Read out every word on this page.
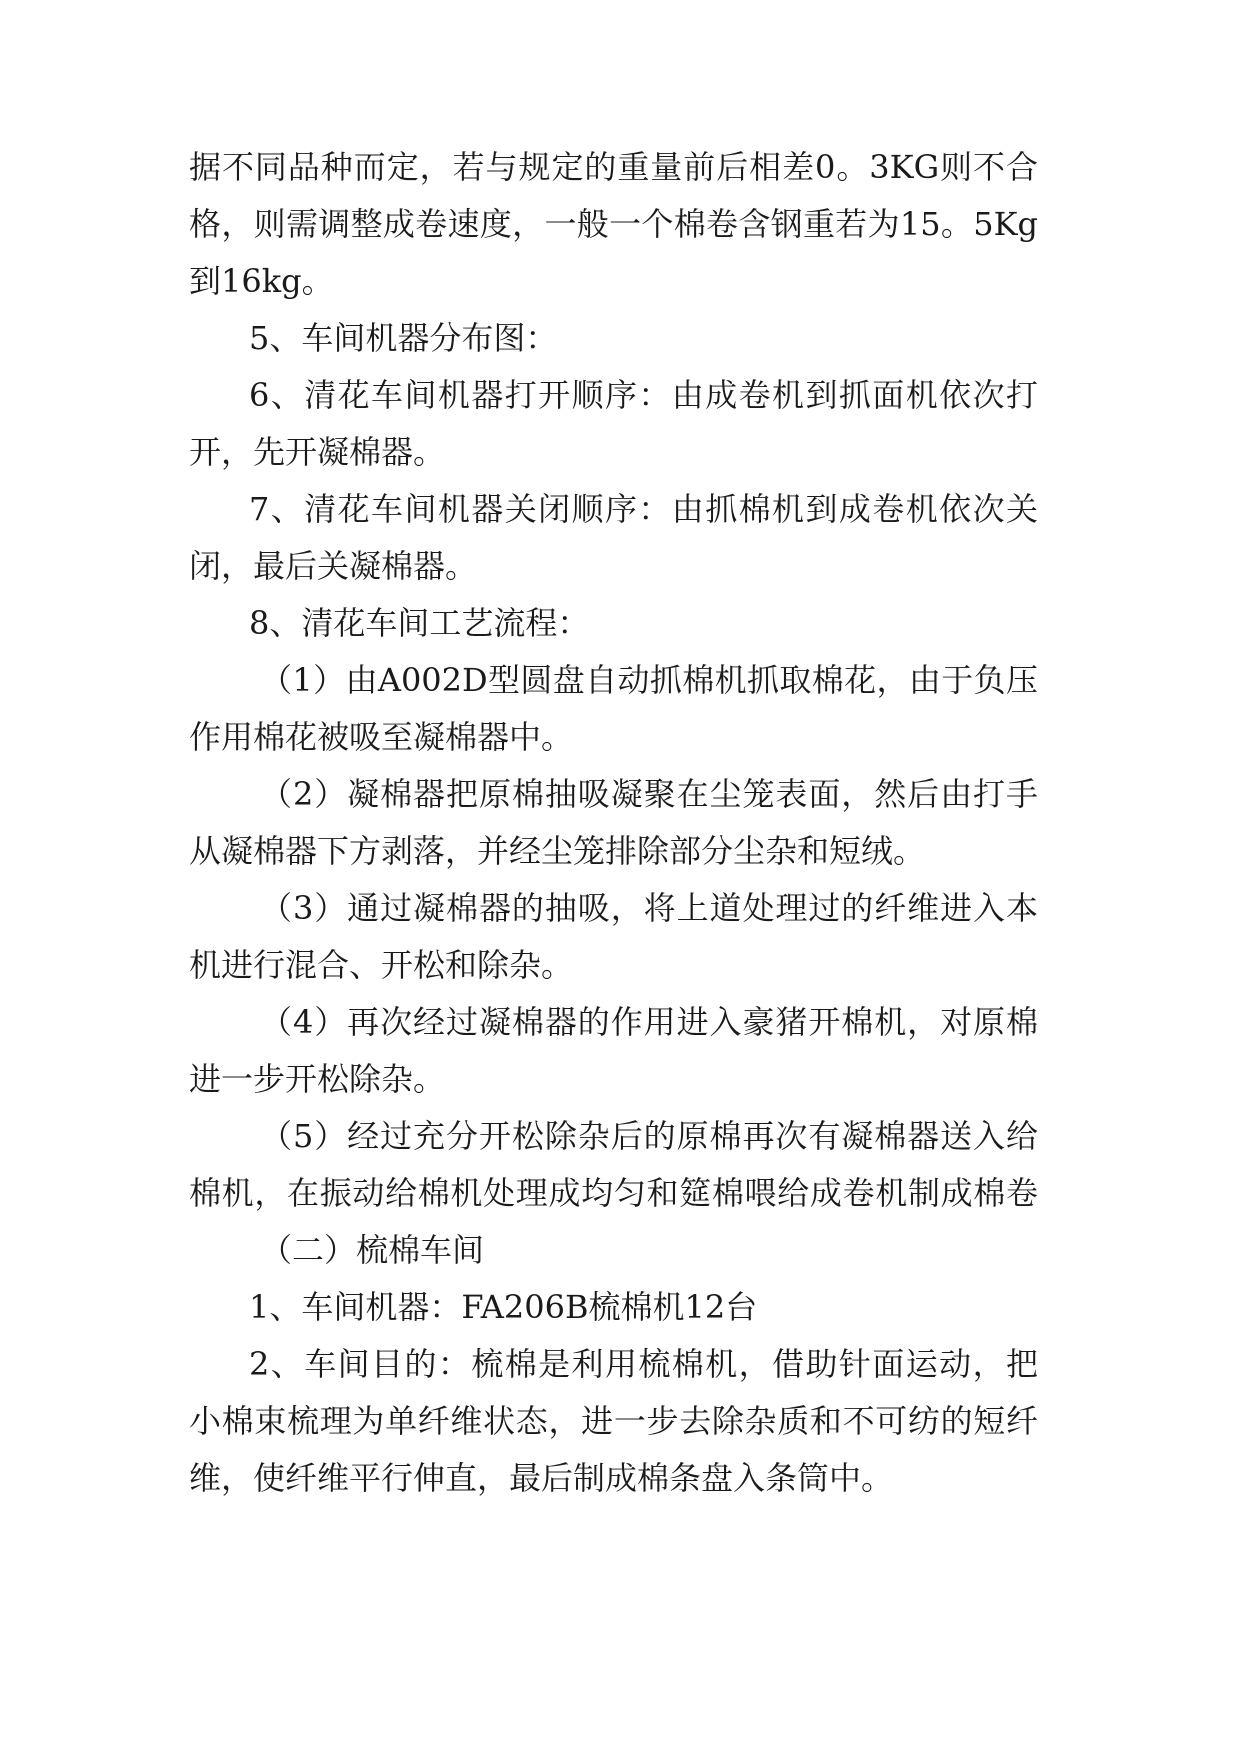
据不同品种而定，若与规定的重量前后相差0。3KG则不合
格，则需调整成卷速度，一般一个棉卷含钢重若为15。5Kg
到16kg。
5、车间机器分布图：
6、清花车间机器打开顺序：由成卷机到抓面机依次打
开，先开凝棉器。
7、清花车间机器关闭顺序：由抓棉机到成卷机依次关
闭，最后关凝棉器。
8、清花车间工艺流程：
（1）由A002D型圆盘自动抓棉机抓取棉花，由于负压
作用棉花被吸至凝棉器中。
（2）凝棉器把原棉抽吸凝聚在尘笼表面，然后由打手
从凝棉器下方剥落，并经尘笼排除部分尘杂和短绒。
（3）通过凝棉器的抽吸，将上道处理过的纤维进入本
机进行混合、开松和除杂。
（4）再次经过凝棉器的作用进入豪猪开棉机，对原棉
进一步开松除杂。
（5）经过充分开松除杂后的原棉再次有凝棉器送入给
棉机，在振动给棉机处理成均匀和筵棉喂给成卷机制成棉卷
（二）梳棉车间
1、车间机器：FA206B梳棉机12台
2、车间目的：梳棉是利用梳棉机，借助针面运动，把
小棉束梳理为单纤维状态，进一步去除杂质和不可纺的短纤
维，使纤维平行伸直，最后制成棉条盘入条筒中。
